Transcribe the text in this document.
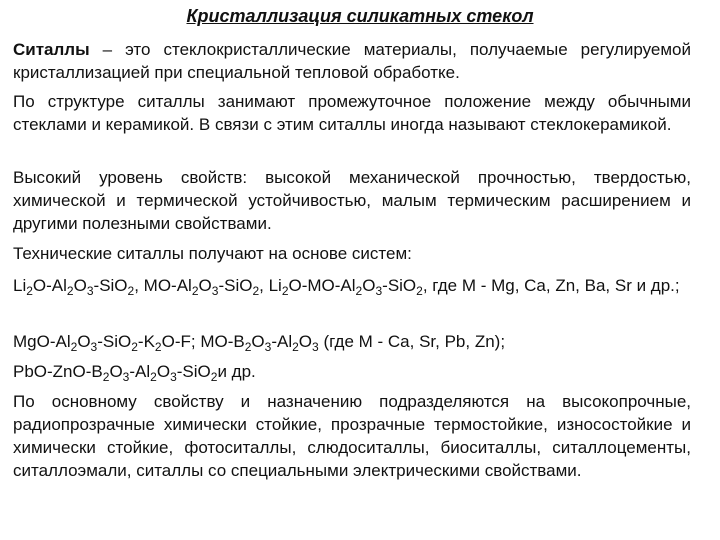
Кристаллизация силикатных стекол
Ситаллы – это стеклокристаллические материалы, получаемые регулируемой кристаллизацией при специальной тепловой обработке.
По структуре ситаллы занимают промежуточное положение между обычными стеклами и керамикой. В связи с этим ситаллы иногда называют стеклокерамикой.
Высокий уровень свойств: высокой механической прочностью, твердостью, химической и термической устойчивостью, малым термическим расширением и другими полезными свойствами.
Технические ситаллы получают на основе систем:
$Li_2O-Al_2O_3-SiO_2$, $MO-Al_2O_3-SiO_2$, $Li_2O-MO-Al_2O_3-SiO_2$, где M - Mg, Ca, Zn, Ba, Sr и др.;
MgO-$Al_2O_3-SiO_2-K_2O-F$; $MO-B_2O_3-Al_2O_3$ (где M - Ca, Sr, Pb, Zn);
PbO-$ZnO-B_2O_3-Al_2O_3-SiO_2и$ др.
По основному свойству и назначению подразделяются на высокопрочные, радиопрозрачные химически стойкие, прозрачные термостойкие, износостойкие и химически стойкие, фотоситаллы, слюдоситаллы, биоситаллы, ситаллоцементы, ситаллоэмали, ситаллы со специальными электрическими свойствами.
